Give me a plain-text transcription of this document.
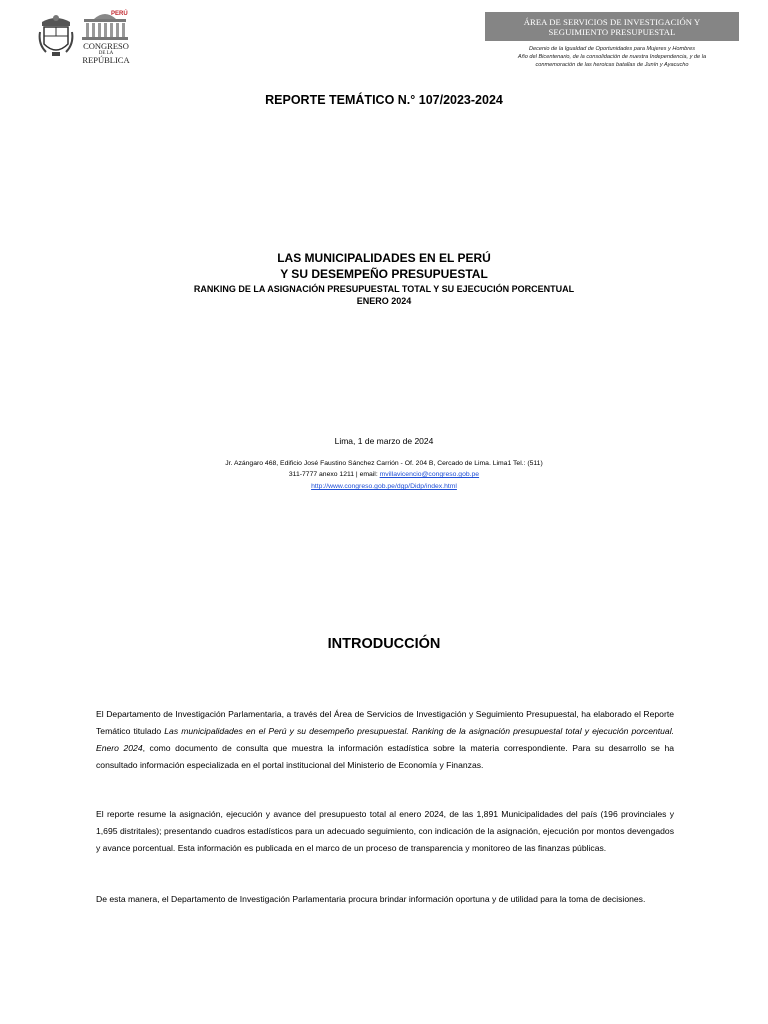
PERÚ
CONGRESO
DE LA
REPÚBLICA
ÁREA DE SERVICIOS DE INVESTIGACIÓN Y
SEGUIMIENTO PRESUPUESTAL
Decenio de la Igualdad de Oportunidades para Mujeres y Hombres
Año del Bicentenario, de la consolidación de nuestra Independencia, y de la
conmemoración de las heroicas batallas de Junín y Ayacucho
REPORTE TEMÁTICO N.° 107/2023-2024
LAS MUNICIPALIDADES EN EL PERÚ
Y SU DESEMPEÑO PRESUPUESTAL
RANKING DE LA ASIGNACIÓN PRESUPUESTAL TOTAL Y SU EJECUCIÓN PORCENTUAL
ENERO 2024
Lima, 1 de marzo de 2024
Jr. Azángaro 468, Edificio José Faustino Sánchez Carrión - Of. 204 B, Cercado de Lima. Lima1 Tel.: (511)
311-7777 anexo 1211 | email: mvillavicencio@congreso.gob.pe
http://www.congreso.gob.pe/dgp/Didp/index.html
INTRODUCCIÓN
El Departamento de Investigación Parlamentaria, a través del Área de Servicios de Investigación y Seguimiento Presupuestal, ha elaborado el Reporte Temático titulado Las municipalidades en el Perú y su desempeño presupuestal. Ranking de la asignación presupuestal total y ejecución porcentual. Enero 2024, como documento de consulta que muestra la información estadística sobre la materia correspondiente. Para su desarrollo se ha consultado información especializada en el portal institucional del Ministerio de Economía y Finanzas.
El reporte resume la asignación, ejecución y avance del presupuesto total al enero 2024, de las 1,891 Municipalidades del país (196 provinciales y 1,695 distritales); presentando cuadros estadísticos para un adecuado seguimiento, con indicación de la asignación, ejecución por montos devengados y avance porcentual. Esta información es publicada en el marco de un proceso de transparencia y monitoreo de las finanzas públicas.
De esta manera, el Departamento de Investigación Parlamentaria procura brindar información oportuna y de utilidad para la toma de decisiones.
